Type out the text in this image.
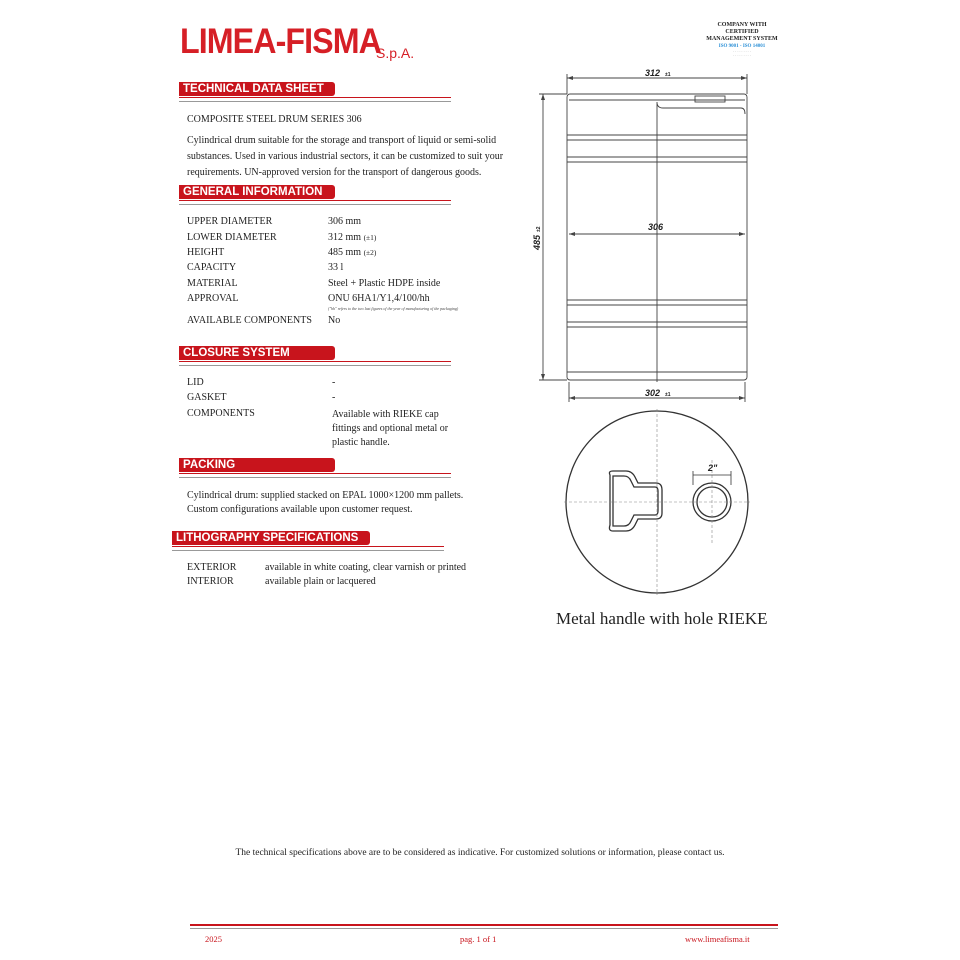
LIMEA-FISMA
S.p.A.
COMPANY WITH
CERTIFIED
MANAGEMENT SYSTEM
ISO 9001 - ISO 14001
· · · · · · · · ·
· · · · · · · · ·
TECHNICAL DATA SHEET
COMPOSITE STEEL DRUM SERIES 306
Cylindrical drum suitable for the storage and transport of liquid or semi-solid substances. Used in various industrial sectors, it can be customized to suit your requirements. UN-approved version for the transport of dangerous goods.
GENERAL INFORMATION
UPPER DIAMETER	306 mm
LOWER DIAMETER	312 mm (±1)
HEIGHT	485 mm (±2)
CAPACITY	33 l
MATERIAL	Steel + Plastic HDPE inside
APPROVAL	ONU 6HA1/Y1,4/100/hh
("hh" refers to the two last figures of the year of manufacturing of the packaging)
AVAILABLE COMPONENTS No
CLOSURE SYSTEM
LID	-
GASKET	-
COMPONENTS	Available with RIEKE cap fittings and optional metal or plastic handle.
PACKING
Cylindrical drum: supplied stacked on EPAL 1000×1200 mm pallets. Custom configurations available upon customer request.
LITHOGRAPHY SPECIFICATIONS
EXTERIOR	available in white coating, clear varnish or printed
INTERIOR	available plain or lacquered
312 ±1
306
302 ±1
485
±2
2"
Metal handle with hole RIEKE
The technical specifications above are to be considered as indicative. For customized solutions or information, please contact us.
2025	pag. 1 of 1	www.limeafisma.it
